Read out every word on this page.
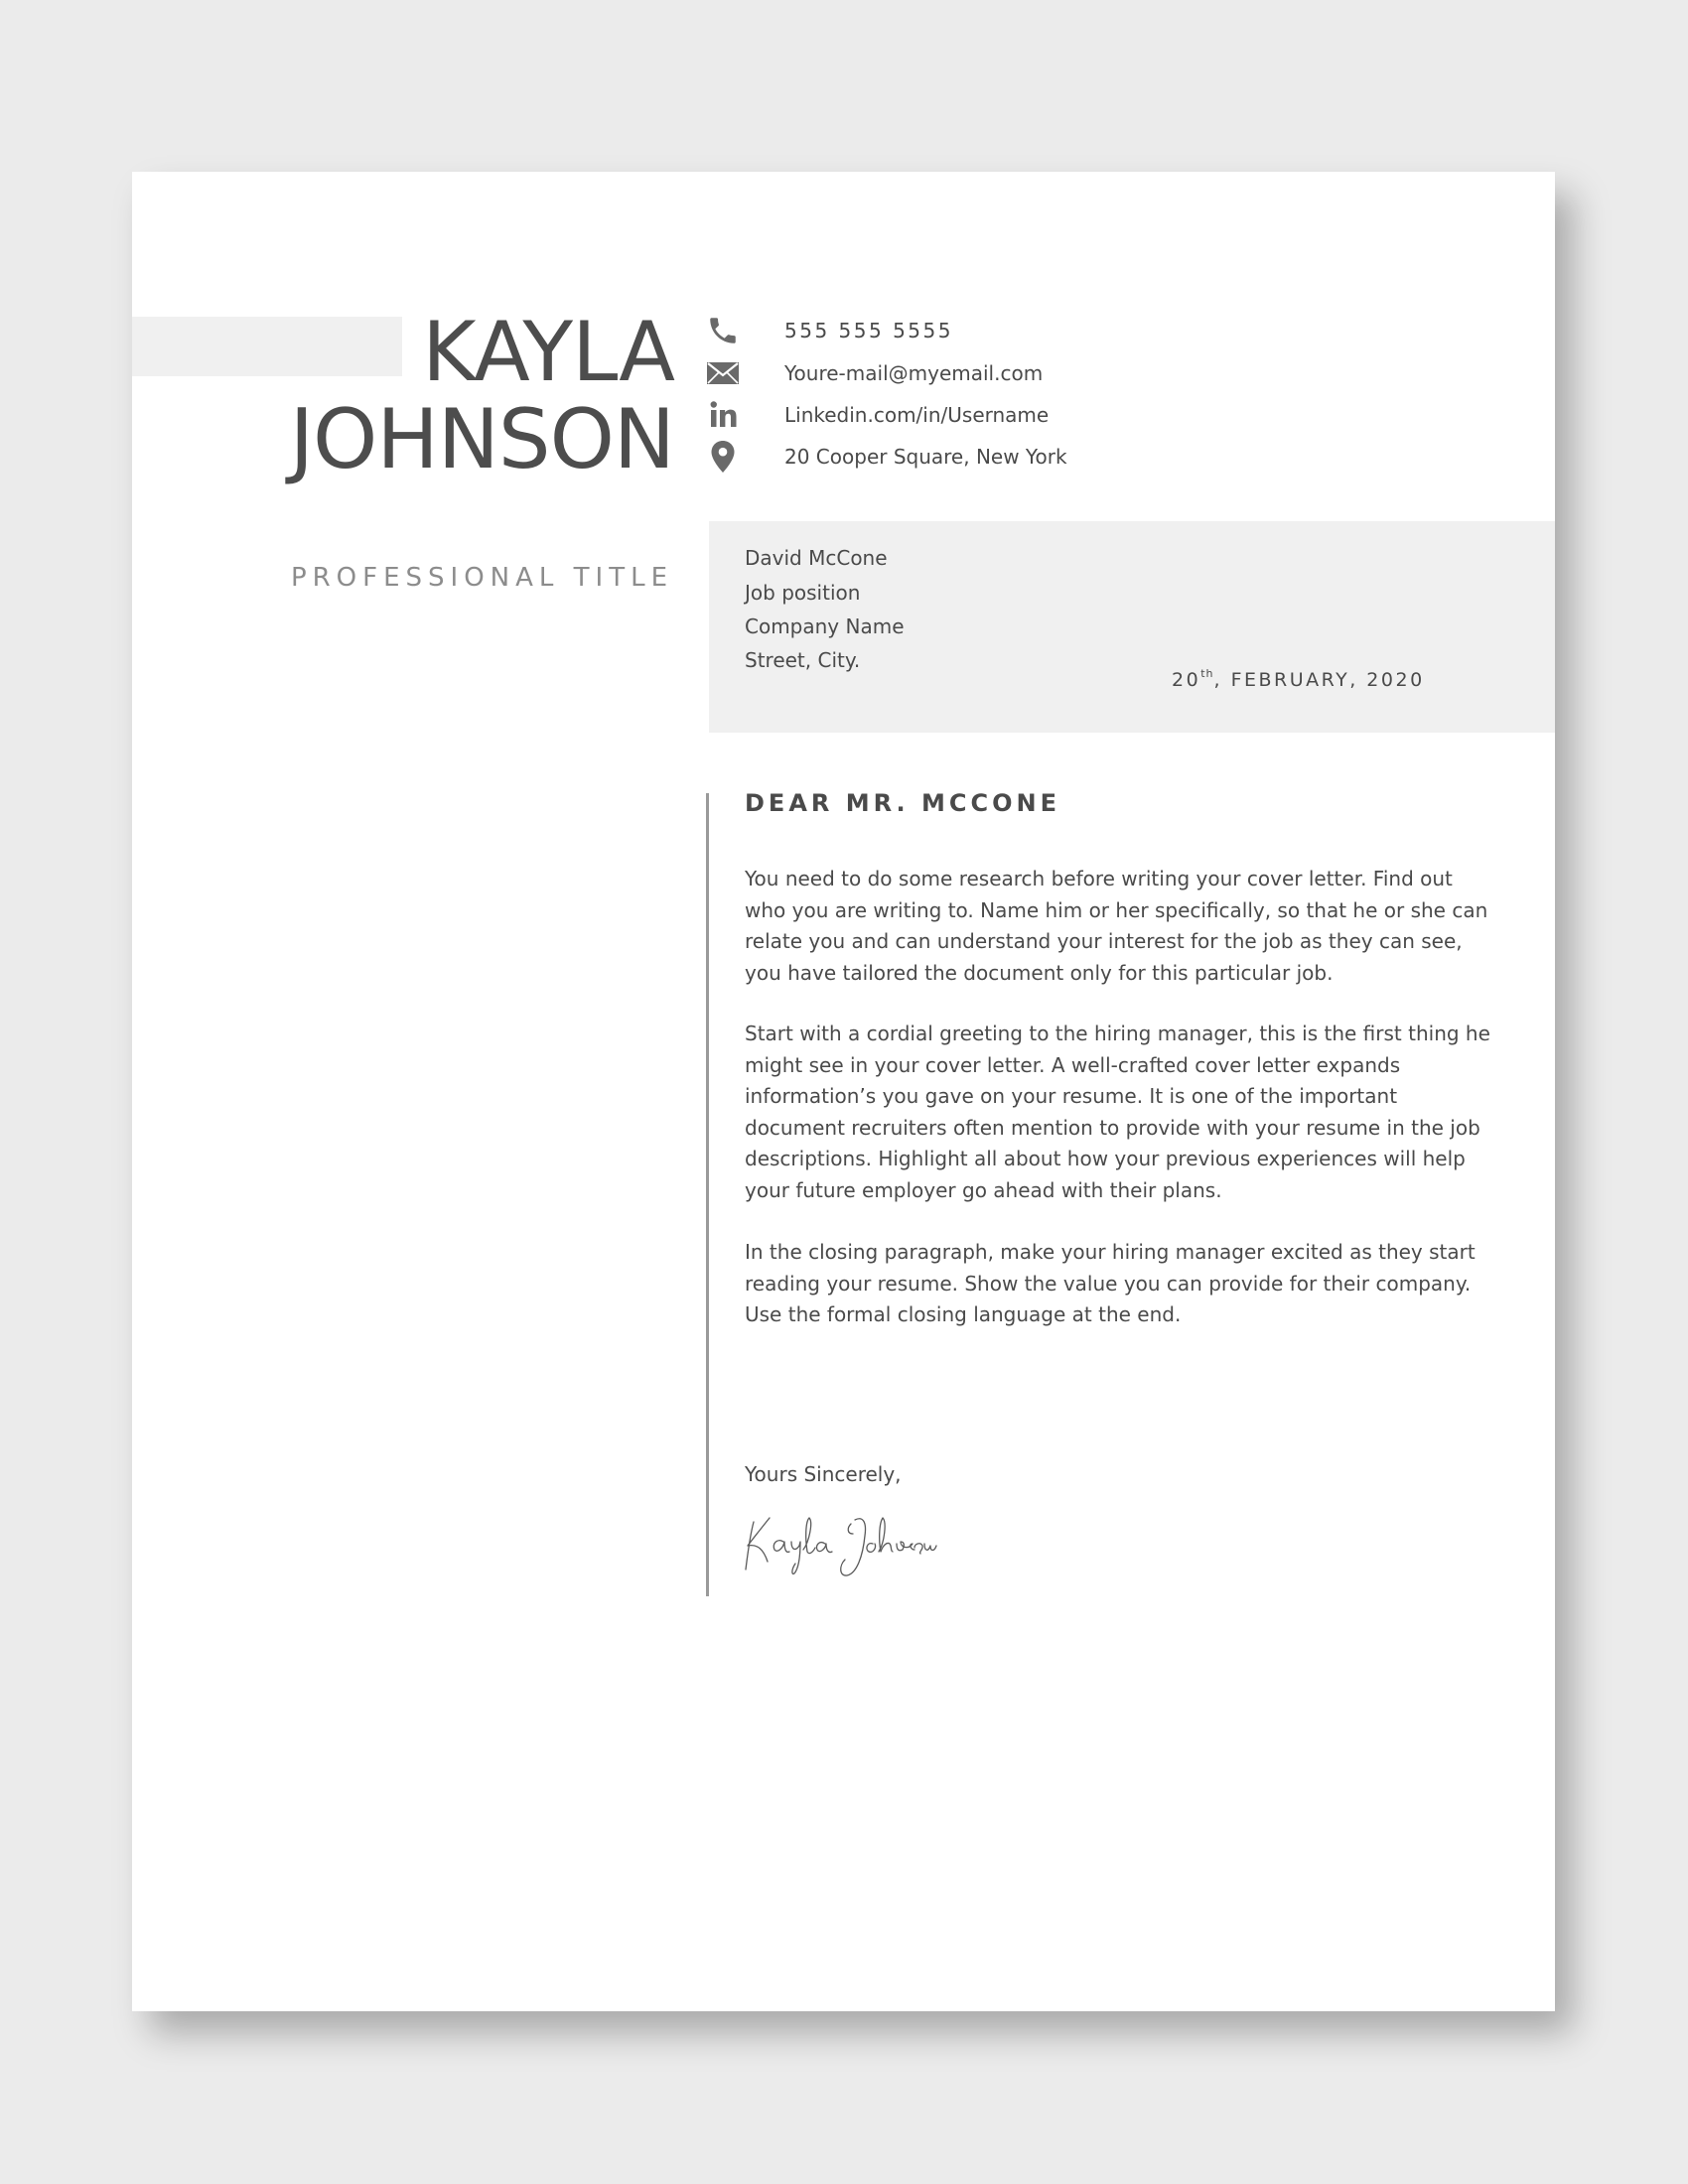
KAYLA
JOHNSON
PROFESSIONAL TITLE
555 555 5555
Youre-mail@myemail.com
Linkedin.com/in/Username
20 Cooper Square, New York
David McCone
Job position
Company Name
Street, City.
20th, FEBRUARY, 2020
DEAR MR. MCCONE

You need to do some research before writing your cover letter. Find out
who you are writing to. Name him or her specifically, so that he or she can
relate you and can understand your interest for the job as they can see,
you have tailored the document only for this particular job.

Start with a cordial greeting to the hiring manager, this is the first thing he
might see in your cover letter. A well-crafted cover letter expands
information’s you gave on your resume. It is one of the important
document recruiters often mention to provide with your resume in the job
descriptions. Highlight all about how your previous experiences will help
your future employer go ahead with their plans.

In the closing paragraph, make your hiring manager excited as they start
reading your resume. Show the value you can provide for their company.
Use the formal closing language at the end.

Yours Sincerely,
